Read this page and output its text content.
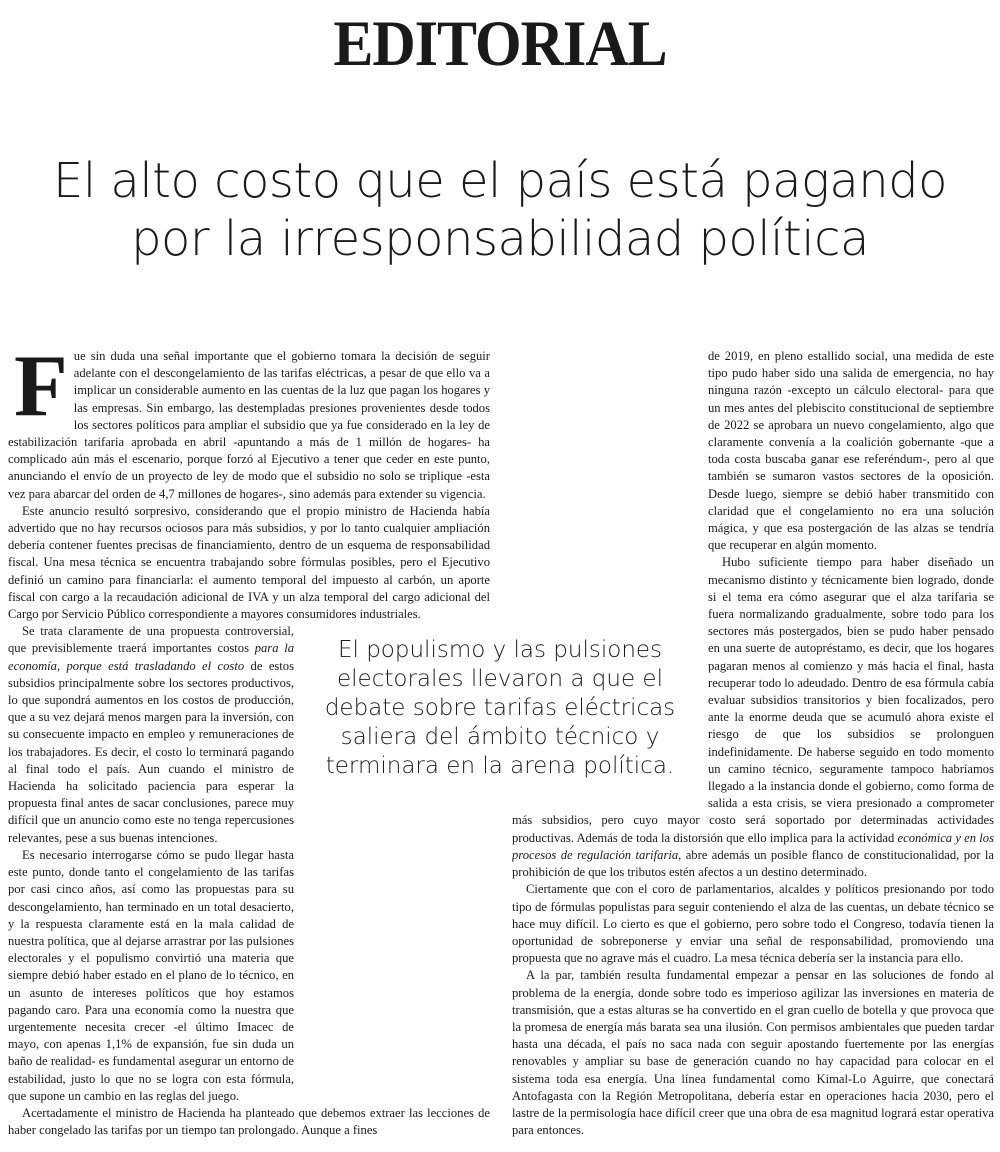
EDITORIAL
El alto costo que el país está pagando
por la irresponsabilidad política

Fue sin duda una señal importante que el gobierno tomara la decisión de seguir adelante con el descongelamiento de las tarifas eléctricas, a pesar de que ello va a implicar un considerable aumento en las cuentas de la luz que pagan los hogares y las empresas. Sin embargo, las destempladas presiones provenientes desde todos los sectores políticos para ampliar el subsidio que ya fue considerado en la ley de estabilización tarifaria aprobada en abril -apuntando a más de 1 millón de hogares- ha complicado aún más el escenario, porque forzó al Ejecutivo a tener que ceder en este punto, anunciando el envío de un proyecto de ley de modo que el subsidio no solo se triplique -esta vez para abarcar del orden de 4,7 millones de hogares-, sino además para extender su vigencia.

Este anuncio resultó sorpresivo, considerando que el propio ministro de Hacienda había advertido que no hay recursos ociosos para más subsidios, y por lo tanto cualquier ampliación debería contener fuentes precisas de financiamiento, dentro de un esquema de responsabilidad fiscal. Una mesa técnica se encuentra trabajando sobre fórmulas posibles, pero el Ejecutivo definió un camino para financiarla: el aumento temporal del impuesto al carbón, un aporte fiscal con cargo a la recaudación adicional de IVA y un alza temporal del cargo adicional del Cargo por Servicio Público correspondiente a mayores consumidores industriales.

Se trata claramente de una propuesta controversial, que previsiblemente traerá importantes costos para la economía, porque está trasladando el costo de estos subsidios principalmente sobre los sectores productivos, lo que supondrá aumentos en los costos de producción, que a su vez dejará menos margen para la inversión, con su consecuente impacto en empleo y remuneraciones de los trabajadores. Es decir, el costo lo terminará pagando al final todo el país. Aun cuando el ministro de Hacienda ha solicitado paciencia para esperar la propuesta final antes de sacar conclusiones, parece muy difícil que un anuncio como este no tenga repercusiones relevantes, pese a sus buenas intenciones.

Es necesario interrogarse cómo se pudo llegar hasta este punto, donde tanto el congelamiento de las tarifas por casi cinco años, así como las propuestas para su descongelamiento, han terminado en un total desacierto, y la respuesta claramente está en la mala calidad de nuestra política, que al dejarse arrastrar por las pulsiones electorales y el populismo convirtió una materia que siempre debió haber estado en el plano de lo técnico, en un asunto de intereses políticos que hoy estamos pagando caro. Para una economía como la nuestra que urgentemente necesita crecer -el último Imacec de mayo, con apenas 1,1% de expansión, fue sin duda un baño de realidad- es fundamental asegurar un entorno de estabilidad, justo lo que no se logra con esta fórmula, que supone un cambio en las reglas del juego.

Acertadamente el ministro de Hacienda ha planteado que debemos extraer las lecciones de haber congelado las tarifas por un tiempo tan prolongado. Aunque a fines

de 2019, en pleno estallido social, una medida de este tipo pudo haber sido una salida de emergencia, no hay ninguna razón -excepto un cálculo electoral- para que un mes antes del plebiscito constitucional de septiembre de 2022 se aprobara un nuevo congelamiento, algo que claramente convenía a la coalición gobernante -que a toda costa buscaba ganar ese referéndum-, pero al que también se sumaron vastos sectores de la oposición. Desde luego, siempre se debió haber transmitido con claridad que el congelamiento no era una solución mágica, y que esa postergación de las alzas se tendría que recuperar en algún momento.

Hubo suficiente tiempo para haber diseñado un mecanismo distinto y técnicamente bien logrado, donde si el tema era cómo asegurar que el alza tarifaria se fuera normalizando gradualmente, sobre todo para los sectores más postergados, bien se pudo haber pensado en una suerte de autopréstamo, es decir, que los hogares pagaran menos al comienzo y más hacia el final, hasta recuperar todo lo adeudado. Dentro de esa fórmula cabía evaluar subsidios transitorios y bien focalizados, pero ante la enorme deuda que se acumuló ahora existe el riesgo de que los subsidios se prolonguen indefinidamente. De haberse seguido en todo momento un camino técnico, seguramente tampoco habríamos llegado a la instancia donde el gobierno, como forma de salida a esta crisis, se viera presionado a comprometer más subsidios, pero cuyo mayor costo será soportado por determinadas actividades productivas. Además de toda la distorsión que ello implica para la actividad económica y en los procesos de regulación tarifaria, abre además un posible flanco de constitucionalidad, por la prohibición de que los tributos estén afectos a un destino determinado.

Ciertamente que con el coro de parlamentarios, alcaldes y políticos presionando por todo tipo de fórmulas populistas para seguir conteniendo el alza de las cuentas, un debate técnico se hace muy difícil. Lo cierto es que el gobierno, pero sobre todo el Congreso, todavía tienen la oportunidad de sobreponerse y enviar una señal de responsabilidad, promoviendo una propuesta que no agrave más el cuadro. La mesa técnica debería ser la instancia para ello.

A la par, también resulta fundamental empezar a pensar en las soluciones de fondo al problema de la energía, donde sobre todo es imperioso agilizar las inversiones en materia de transmisión, que a estas alturas se ha convertido en el gran cuello de botella y que provoca que la promesa de energía más barata sea una ilusión. Con permisos ambientales que pueden tardar hasta una década, el país no saca nada con seguir apostando fuertemente por las energías renovables y ampliar su base de generación cuando no hay capacidad para colocar en el sistema toda esa energía. Una línea fundamental como Kimal-Lo Aguirre, que conectará Antofagasta con la Región Metropolitana, debería estar en operaciones hacia 2030, pero el lastre de la permisología hace difícil creer que una obra de esa magnitud logrará estar operativa para entonces.

El populismo y las pulsiones electorales llevaron a que el debate sobre tarifas eléctricas saliera del ámbito técnico y terminara en la arena política.
